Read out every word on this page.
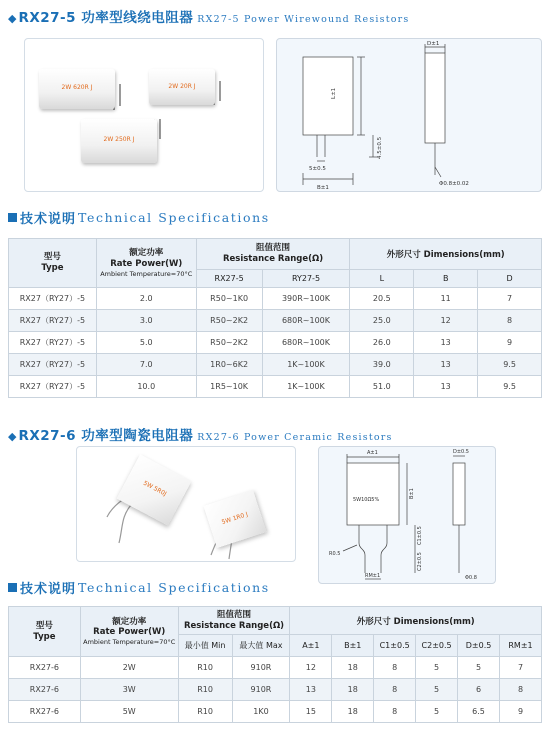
◆ RX27-5 功率型线绕电阻器 RX27-5 Power Wirewound Resistors
2W 620R J	2W 20R J
2W 250R J
L±1
4.5±0.5
5±0.5
B±1
D±1
Φ0.8±0.02
技术说明 Technical Specifications
型号
Type	额定功率
Rate Power(W)
Ambient Temperature=70°C	阻值范围
Resistance Range(Ω)		外形尺寸 Dimensions(mm)		
		RX27-5	RY27-5	L	B	D
RX27（RY27）-5	2.0	R50~1K0	390R~100K	20.5	11	7
RX27（RY27）-5	3.0	R50~2K2	680R~100K	25.0	12	8
RX27（RY27）-5	5.0	R50~2K2	680R~100K	26.0	13	9
RX27（RY27）-5	7.0	1R0~6K2	1K~100K	39.0	13	9.5
RX27（RY27）-5	10.0	1R5~10K	1K~100K	51.0	13	9.5
◆ RX27-6 功率型陶瓷电阻器 RX27-6 Power Ceramic Resistors
5W 5R0J
5W 1R0 J
A±1	D±0.5
5W10Ω5%
B±1
C1±0.5
C2±0.5
RM±1
R0.5
Φ0.8
技术说明 Technical Specifications
型号
Type	额定功率
Rate Power(W)
Ambient Temperature=70°C	阻值范围
Resistance Range(Ω)		外形尺寸 Dimensions(mm)					
		最小值 Min	最大值 Max	A±1	B±1	C1±0.5	C2±0.5	D±0.5	RM±1
RX27-6	2W	R10	910R	12	18	8	5	5	7
RX27-6	3W	R10	910R	13	18	8	5	6	8
RX27-6	5W	R10	1K0	15	18	8	5	6.5	9
